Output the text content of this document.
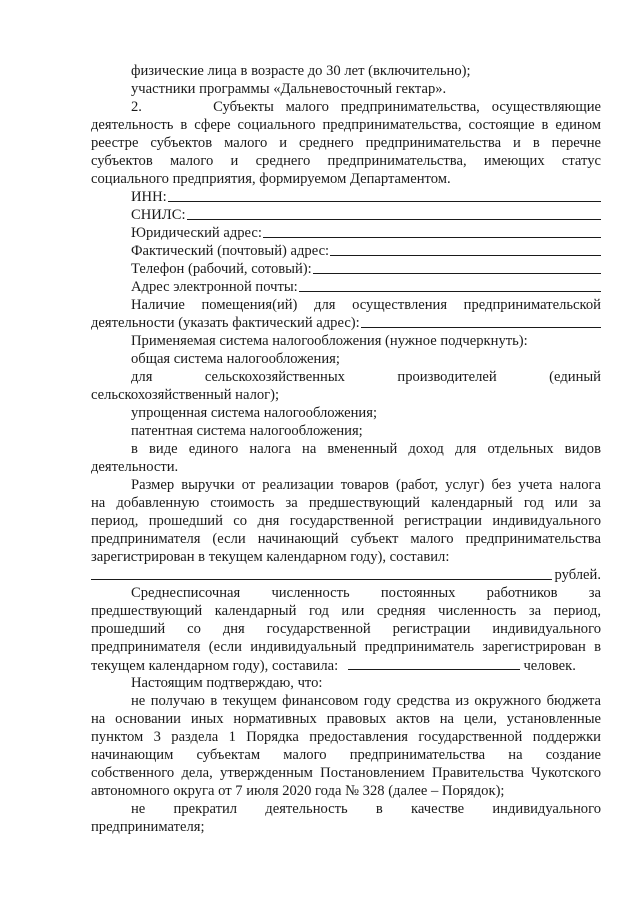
физические лица в возрасте до 30 лет (включительно);
участники программы «Дальневосточный гектар».
2.      Субъекты малого предпринимательства, осуществляющие
деятельность в сфере социального предпринимательства, состоящие в едином
реестре субъектов малого и среднего предпринимательства и в перечне
субъектов малого и среднего предпринимательства, имеющих статус
социального предприятия, формируемом Департаментом.
ИНН:
СНИЛС:
Юридический адрес:
Фактический (почтовый) адрес:
Телефон (рабочий, сотовый):
Адрес электронной почты:
Наличие помещения(ий) для осуществления предпринимательской
деятельности (указать фактический адрес):
Применяемая система налогообложения (нужное подчеркнуть):
общая система налогообложения;
для сельскохозяйственных производителей (единый
сельскохозяйственный налог);
упрощенная система налогообложения;
патентная система налогообложения;
в виде единого налога на вмененный доход для отдельных видов
деятельности.
Размер выручки от реализации товаров (работ, услуг) без учета налога
на добавленную стоимость за предшествующий календарный год или за
период, прошедший со дня государственной регистрации индивидуального
предпринимателя (если начинающий субъект малого предпринимательства
зарегистрирован в текущем календарном году), составил:
рублей.
Среднесписочная численность постоянных работников за
предшествующий календарный год или средняя численность за период,
прошедший со дня государственной регистрации индивидуального
предпринимателя (если индивидуальный предприниматель зарегистрирован в
текущем календарном году), составила:	человек.
Настоящим подтверждаю, что:
не получаю в текущем финансовом году средства из окружного бюджета
на основании иных нормативных правовых актов на цели, установленные
пунктом 3 раздела 1 Порядка предоставления государственной поддержки
начинающим субъектам малого предпринимательства на создание
собственного дела, утвержденным Постановлением Правительства Чукотского
автономного округа от 7 июля 2020 года № 328 (далее – Порядок);
не прекратил деятельность в качестве индивидуального
предпринимателя;
